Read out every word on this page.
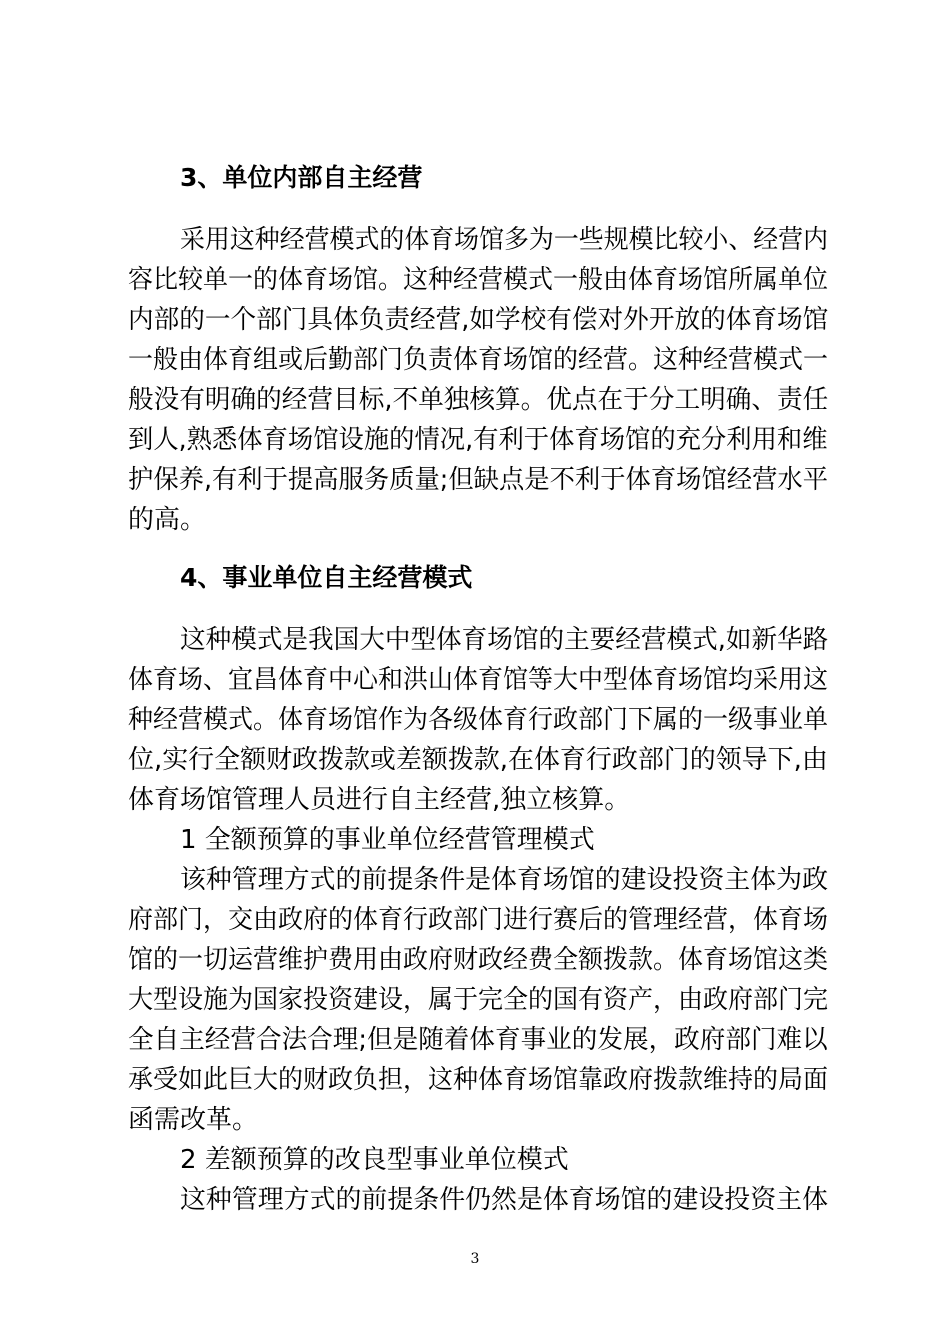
3、单位内部自主经营
采用这种经营模式的体育场馆多为一些规模比较小、经营内
容比较单一的体育场馆。这种经营模式一般由体育场馆所属单位
内部的一个部门具体负责经营,如学校有偿对外开放的体育场馆
一般由体育组或后勤部门负责体育场馆的经营。这种经营模式一
般没有明确的经营目标,不单独核算。优点在于分工明确、责任
到人,熟悉体育场馆设施的情况,有利于体育场馆的充分利用和维
护保养,有利于提高服务质量;但缺点是不利于体育场馆经营水平
的高。
4、事业单位自主经营模式
这种模式是我国大中型体育场馆的主要经营模式,如新华路
体育场、宜昌体育中心和洪山体育馆等大中型体育场馆均采用这
种经营模式。体育场馆作为各级体育行政部门下属的一级事业单
位,实行全额财政拨款或差额拨款,在体育行政部门的领导下,由
体育场馆管理人员进行自主经营,独立核算。
1 全额预算的事业单位经营管理模式
该种管理方式的前提条件是体育场馆的建设投资主体为政
府部门，交由政府的体育行政部门进行赛后的管理经营，体育场
馆的一切运营维护费用由政府财政经费全额拨款。体育场馆这类
大型设施为国家投资建设，属于完全的国有资产，由政府部门完
全自主经营合法合理;但是随着体育事业的发展，政府部门难以
承受如此巨大的财政负担，这种体育场馆靠政府拨款维持的局面
函需改革。
2 差额预算的改良型事业单位模式
这种管理方式的前提条件仍然是体育场馆的建设投资主体
3
